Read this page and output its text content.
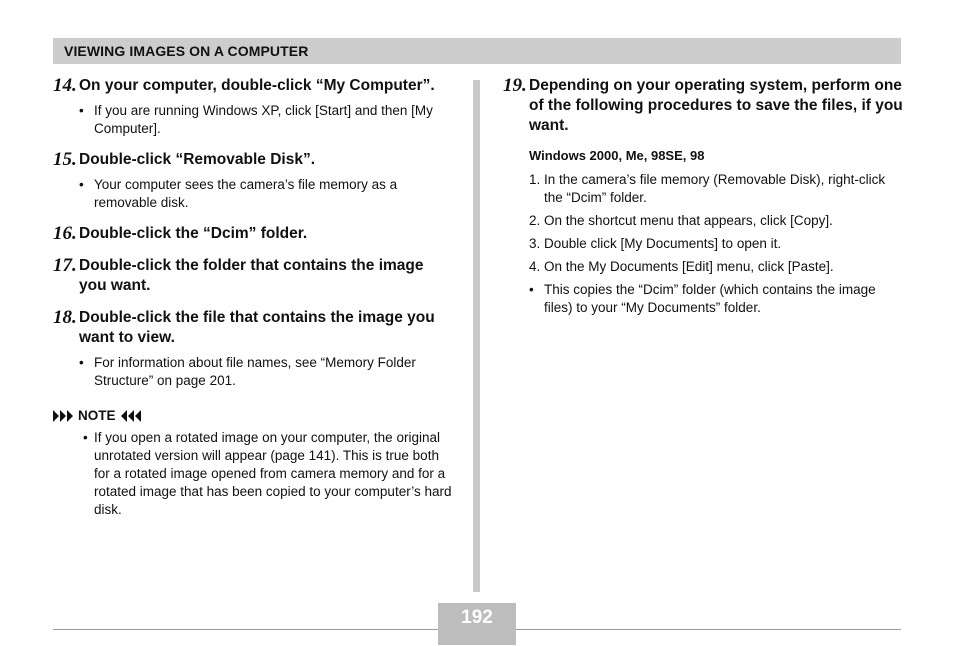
VIEWING IMAGES ON A COMPUTER
14. On your computer, double-click “My Computer”.
• If you are running Windows XP, click [Start] and then [My Computer].
15. Double-click “Removable Disk”.
• Your computer sees the camera’s file memory as a removable disk.
16. Double-click the “Dcim” folder.
17. Double-click the folder that contains the image you want.
18. Double-click the file that contains the image you want to view.
• For information about file names, see “Memory Folder Structure” on page 201.
NOTE
• If you open a rotated image on your computer, the original unrotated version will appear (page 141). This is true both for a rotated image opened from camera memory and for a rotated image that has been copied to your computer’s hard disk.
19. Depending on your operating system, perform one of the following procedures to save the files, if you want.
Windows 2000, Me, 98SE, 98
1. In the camera’s file memory (Removable Disk), right-click the “Dcim” folder.
2. On the shortcut menu that appears, click [Copy].
3. Double click [My Documents] to open it.
4. On the My Documents [Edit] menu, click [Paste].
• This copies the “Dcim” folder (which contains the image files) to your “My Documents” folder.
192
